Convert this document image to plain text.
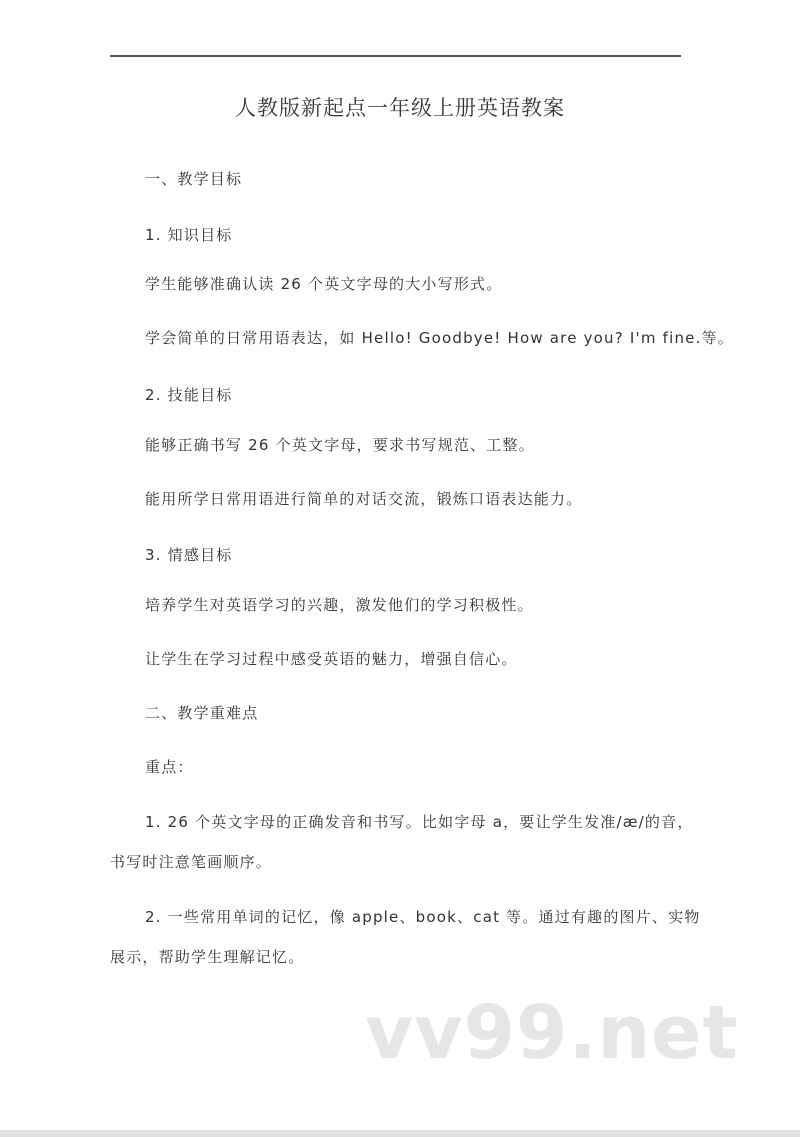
人教版新起点一年级上册英语教案
一、教学目标
1. 知识目标
学生能够准确认读 26 个英文字母的大小写形式。
学会简单的日常用语表达，如 Hello! Goodbye! How are you? I'm fine.等。
2. 技能目标
能够正确书写 26 个英文字母，要求书写规范、工整。
能用所学日常用语进行简单的对话交流，锻炼口语表达能力。
3. 情感目标
培养学生对英语学习的兴趣，激发他们的学习积极性。
让学生在学习过程中感受英语的魅力，增强自信心。
二、教学重难点
重点：
1. 26 个英文字母的正确发音和书写。比如字母 a，要让学生发准/æ/的音，
书写时注意笔画顺序。
2. 一些常用单词的记忆，像 apple、book、cat 等。通过有趣的图片、实物
展示，帮助学生理解记忆。
vv99.net
